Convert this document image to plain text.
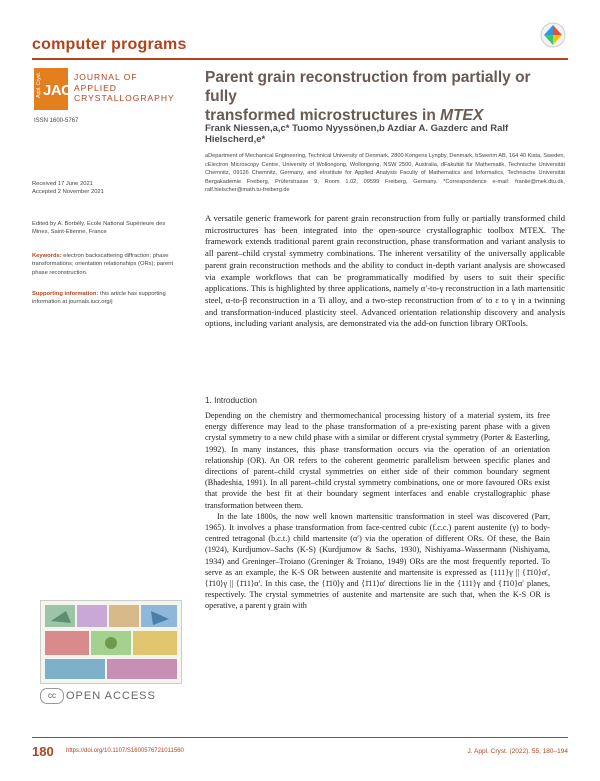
computer programs
Appl. Cryst. JAC
JOURNAL OF
APPLIED
CRYSTALLOGRAPHY
ISSN 1600-5767
Parent grain reconstruction from partially or fully
transformed microstructures in MTEX
Frank Niessen,a,c* Tuomo Nyyssönen,b Azdiar A. Gazderc and Ralf Hielscherd,e*
aDepartment of Mechanical Engineering, Technical University of Denmark, 2800 Kongens Lyngby, Denmark, bSwerim AB, 164 40 Kista, Sweden, cElectron Microscopy Centre, University of Wollongong, Wollongong, NSW 2500, Australia, dFakultät für Mathematik, Technische Universität Chemnitz, 09126 Chemnitz, Germany, and eInstitute for Applied Analysis Faculty of Mathematics and Informatics, Technische Universität Bergakademie Freiberg, Prüferstrasse 9, Room 1.02, 09599 Freiberg, Germany. *Correspondence e-mail: franiie@mek.dtu.dk, ralf.hielscher@math.tu-freiberg.de
Received 17 June 2021
Accepted 2 November 2021
Edited by A. Borbély, Ecole National Supérieure des Mines, Saint-Etienne, France
Keywords: electron backscattering diffraction; phase transformations; orientation relationships (ORs); parent phase reconstruction.
Supporting information: this article has supporting information at journals.iucr.org/j
A versatile generic framework for parent grain reconstruction from fully or partially transformed child microstructures has been integrated into the open-source crystallographic toolbox MTEX. The framework extends traditional parent grain reconstruction, phase transformation and variant analysis to all parent–child crystal symmetry combinations. The inherent versatility of the universally applicable parent grain reconstruction methods and the ability to conduct in-depth variant analysis are showcased via example workflows that can be programmatically modified by users to suit their specific applications. This is highlighted by three applications, namely α′-to-γ reconstruction in a lath martensitic steel, α-to-β reconstruction in a Ti alloy, and a two-step reconstruction from α′ to ε to γ in a twinning and transformation-induced plasticity steel. Advanced orientation relationship discovery and analysis options, including variant analysis, are demonstrated via the add-on function library ORTools.
1. Introduction

Depending on the chemistry and thermomechanical processing history of a material system, its free energy difference may lead to the phase transformation of a pre-existing parent phase with a given crystal symmetry to a new child phase with a similar or different crystal symmetry (Porter & Easterling, 1992). In many instances, this phase transformation occurs via the operation of an orientation relationship (OR). An OR refers to the coherent geometric parallelism between specific planes and directions of parent–child crystal symmetries on either side of their common boundary segment (Bhadeshia, 1991). In all parent–child crystal symmetry combinations, one or more favoured ORs exist that provide the best fit at their boundary segment interfaces and enable crystallographic phase transformation between them.

In the late 1800s, the now well known martensitic transformation in steel was discovered (Parr, 1965). It involves a phase transformation from face-centred cubic (f.c.c.) parent austenite (γ) to body-centred tetragonal (b.c.t.) child martensite (α′) via the operation of different ORs. Of these, the Bain (1924), Kurdjumov–Sachs (K-S) (Kurdjumow & Sachs, 1930), Nishiyama–Wassermann (Nishiyama, 1934) and Greninger–Troiano (Greninger & Troiano, 1949) ORs are the most frequently reported. To serve as an example, the K-S OR between austenite and martensite is expressed as {111}γ || {1̄10}α′, ⟨1̄10⟩γ || ⟨1̄11⟩α′. In this case, the ⟨1̄10⟩γ and ⟨1̄11⟩α′ directions lie in the {111}γ and {1̄10}α′ planes, respectively. The crystal symmetries of austenite and martensite are such that, when the K-S OR is operative, a parent γ grain with

cc OPEN ACCESS
180 https://doi.org/10.1107/S1600576721011560	J. Appl. Cryst. (2022). 55, 180–194
